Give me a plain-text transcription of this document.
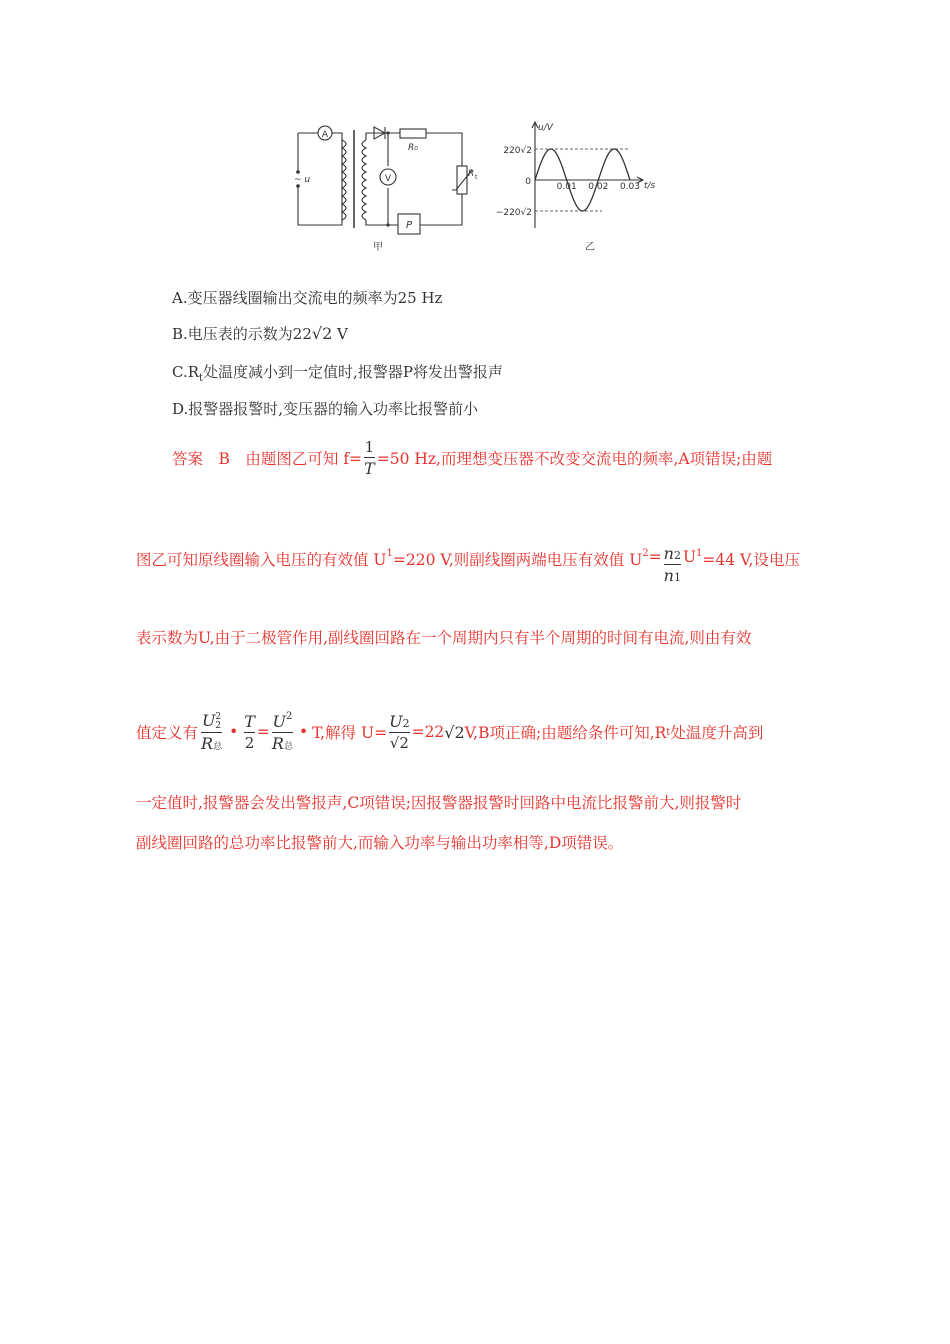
A
V
~ u
R₀
R t
P
甲
u/V
t/s
220√2
−220√2
0	0.01 0.02 0.03
乙
A.变压器线圈输出交流电的频率为25 Hz
B.电压表的示数为22√2 V
$C.R_t$处温度减小到一定值时,报警器P将发出警报声
D.报警器报警时,变压器的输入功率比报警前小
答案　B　由题图乙可知 $f= \frac{1}{T} =50$ Hz,而理想变压器不改变交流电的频率,A项错误;由题
图乙可知原线圈输入电压的有效值 U 1 =220 V,则副线圈两端电压有效值 U $2 = \frac{n2}{n1}$ U 1 =44 V,设电压
表示数为U,由于二极管作用,副线圈回路在一个周期内只有半个周期的时间有电流,则由有效
值定义有 U 2
2
R总 • $\frac{T}{2} = \frac{U^2}{\text{R总}}$ • T,解得 $U= \frac{U2}{√2} =22$ √2 V,B项正确;由题给条件可知,R t 处温度升高到
一定值时,报警器会发出警报声,C项错误;因报警器报警时回路中电流比报警前大,则报警时
副线圈回路的总功率比报警前大,而输入功率与输出功率相等,D项错误。
